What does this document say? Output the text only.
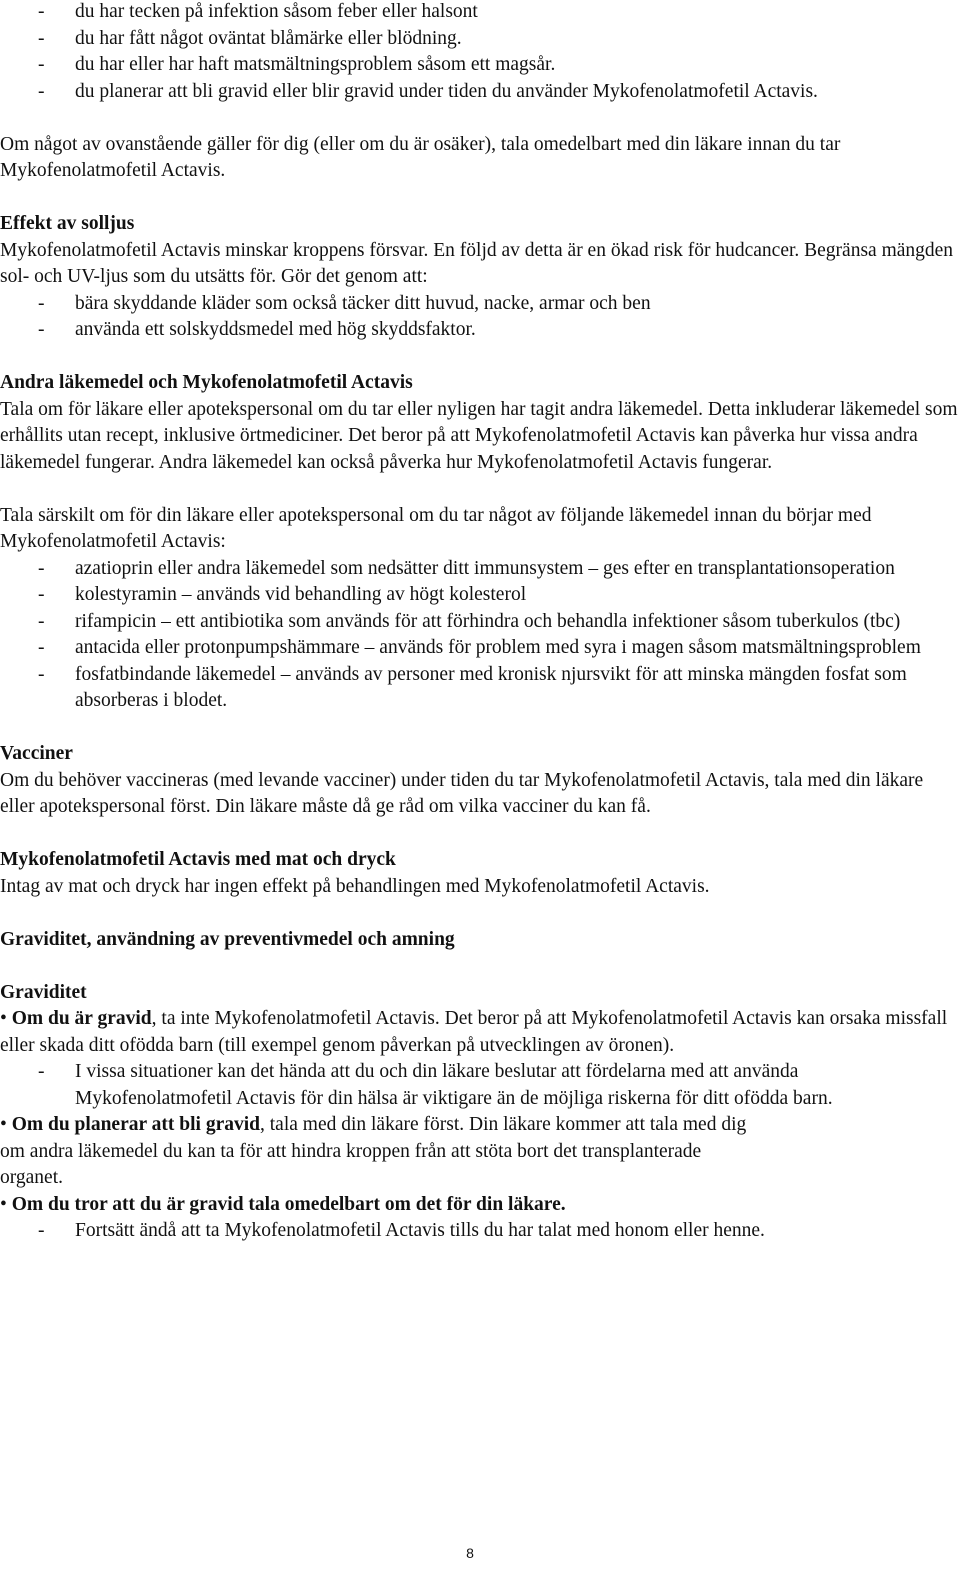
- du har tecken på infektion såsom feber eller halsont
- du har fått något oväntat blåmärke eller blödning.
- du har eller har haft matsmältningsproblem såsom ett magsår.
- du planerar att bli gravid eller blir gravid under tiden du använder Mykofenolatmofetil Actavis.

Om något av ovanstående gäller för dig (eller om du är osäker), tala omedelbart med din läkare innan du tar Mykofenolatmofetil Actavis.

Effekt av solljus

Mykofenolatmofetil Actavis minskar kroppens försvar. En följd av detta är en ökad risk för hudcancer. Begränsa mängden sol- och UV-ljus som du utsätts för. Gör det genom att:

- bära skyddande kläder som också täcker ditt huvud, nacke, armar och ben
- använda ett solskyddsmedel med hög skyddsfaktor.

Andra läkemedel och Mykofenolatmofetil Actavis

Tala om för läkare eller apotekspersonal om du tar eller nyligen har tagit andra läkemedel. Detta inkluderar läkemedel som erhållits utan recept, inklusive örtmediciner. Det beror på att Mykofenolatmofetil Actavis kan påverka hur vissa andra läkemedel fungerar. Andra läkemedel kan också påverka hur Mykofenolatmofetil Actavis fungerar.

Tala särskilt om för din läkare eller apotekspersonal om du tar något av följande läkemedel innan du börjar med Mykofenolatmofetil Actavis:

- azatioprin eller andra läkemedel som nedsätter ditt immunsystem – ges efter en transplantationsoperation
- kolestyramin – används vid behandling av högt kolesterol
- rifampicin – ett antibiotika som används för att förhindra och behandla infektioner såsom tuberkulos (tbc)
- antacida eller protonpumpshämmare – används för problem med syra i magen såsom matsmältningsproblem
- fosfatbindande läkemedel – används av personer med kronisk njursvikt för att minska mängden fosfat som absorberas i blodet.

Vacciner

Om du behöver vaccineras (med levande vacciner) under tiden du tar Mykofenolatmofetil Actavis, tala med din läkare eller apotekspersonal först. Din läkare måste då ge råd om vilka vacciner du kan få.

Mykofenolatmofetil Actavis med mat och dryck

Intag av mat och dryck har ingen effekt på behandlingen med Mykofenolatmofetil Actavis.

Graviditet, användning av preventivmedel och amning

Graviditet

• Om du är gravid, ta inte Mykofenolatmofetil Actavis. Det beror på att Mykofenolatmofetil Actavis kan orsaka missfall eller skada ditt ofödda barn (till exempel genom påverkan på utvecklingen av öronen).

- I vissa situationer kan det hända att du och din läkare beslutar att fördelarna med att använda Mykofenolatmofetil Actavis för din hälsa är viktigare än de möjliga riskerna för ditt ofödda barn.

• Om du planerar att bli gravid, tala med din läkare först. Din läkare kommer att tala med dig
om andra läkemedel du kan ta för att hindra kroppen från att stöta bort det transplanterade
organet.

• Om du tror att du är gravid tala omedelbart om det för din läkare.

- Fortsätt ändå att ta Mykofenolatmofetil Actavis tills du har talat med honom eller henne.
8
